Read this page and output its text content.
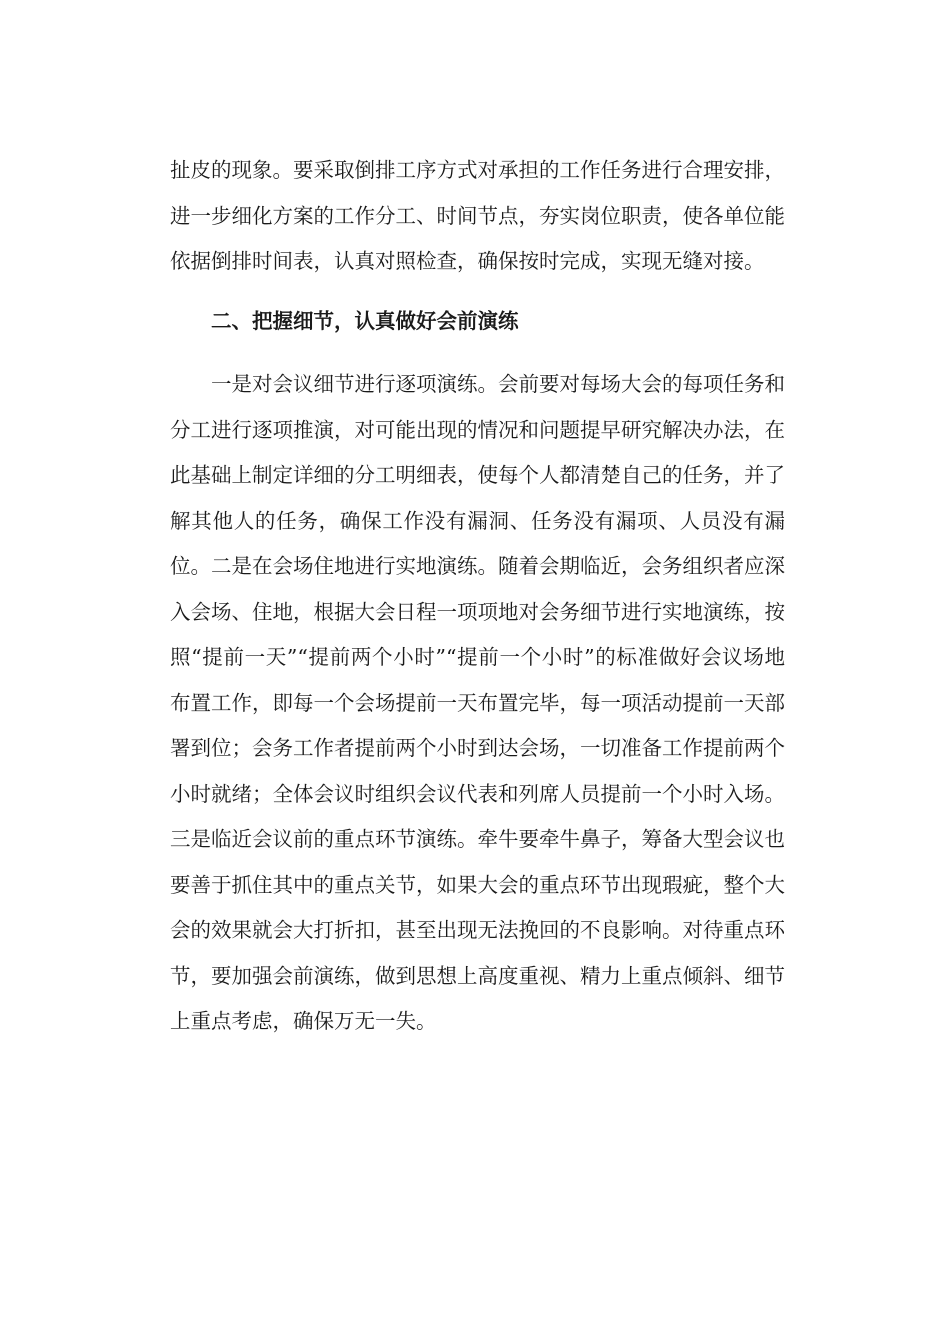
扯皮的现象。要采取倒排工序方式对承担的工作任务进行合理安排，进一步细化方案的工作分工、时间节点，夯实岗位职责，使各单位能依据倒排时间表，认真对照检查，确保按时完成，实现无缝对接。

二、把握细节，认真做好会前演练

一是对会议细节进行逐项演练。会前要对每场大会的每项任务和分工进行逐项推演，对可能出现的情况和问题提早研究解决办法，在此基础上制定详细的分工明细表，使每个人都清楚自己的任务，并了解其他人的任务，确保工作没有漏洞、任务没有漏项、人员没有漏位。二是在会场住地进行实地演练。随着会期临近，会务组织者应深入会场、住地，根据大会日程一项项地对会务细节进行实地演练，按照“提前一天”“提前两个小时”“提前一个小时”的标准做好会议场地布置工作，即每一个会场提前一天布置完毕，每一项活动提前一天部署到位；会务工作者提前两个小时到达会场，一切准备工作提前两个小时就绪；全体会议时组织会议代表和列席人员提前一个小时入场。三是临近会议前的重点环节演练。牵牛要牵牛鼻子，筹备大型会议也要善于抓住其中的重点关节，如果大会的重点环节出现瑕疵，整个大会的效果就会大打折扣，甚至出现无法挽回的不良影响。对待重点环节，要加强会前演练，做到思想上高度重视、精力上重点倾斜、细节上重点考虑，确保万无一失。
